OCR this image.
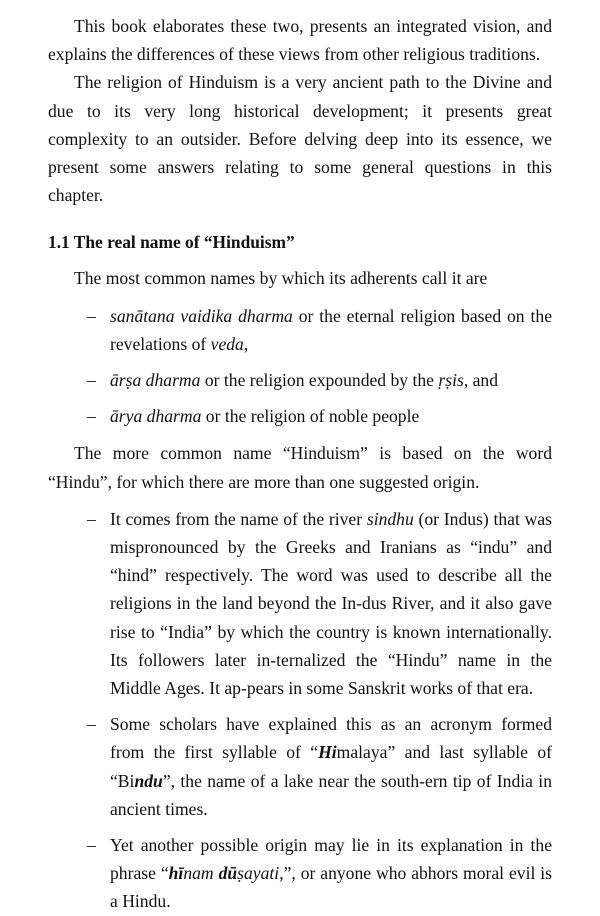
This book elaborates these two, presents an integrated vision, and explains the differences of these views from other religious traditions.

The religion of Hinduism is a very ancient path to the Divine and due to its very long historical development; it presents great complexity to an outsider. Before delving deep into its essence, we present some answers relating to some general questions in this chapter.

1.1 The real name of “Hinduism”

The most common names by which its adherents call it are

– sanātana vaidika dharma or the eternal religion based on the revelations of veda,
– ārṣa dharma or the religion expounded by the ṛṣis, and
– ārya dharma or the religion of noble people

The more common name “Hinduism” is based on the word “Hindu”, for which there are more than one suggested origin.

– It comes from the name of the river sindhu (or Indus) that was mispronounced by the Greeks and Iranians as “indu” and “hind” respectively. The word was used to describe all the religions in the land beyond the In-​dus River, and it also gave rise to “India” by which the country is known internationally. Its followers later in-​ternalized the “Hindu” name in the Middle Ages. It ap-​pears in some Sanskrit works of that era.
– Some scholars have explained this as an acronym formed from the first syllable of “Himalaya” and last syllable of “Bindu”, the name of a lake near the south-​ern tip of India in ancient times.
– Yet another possible origin may lie in its explanation in the phrase “hīnam dūṣayati,”, or anyone who abhors moral evil is a Hindu.
